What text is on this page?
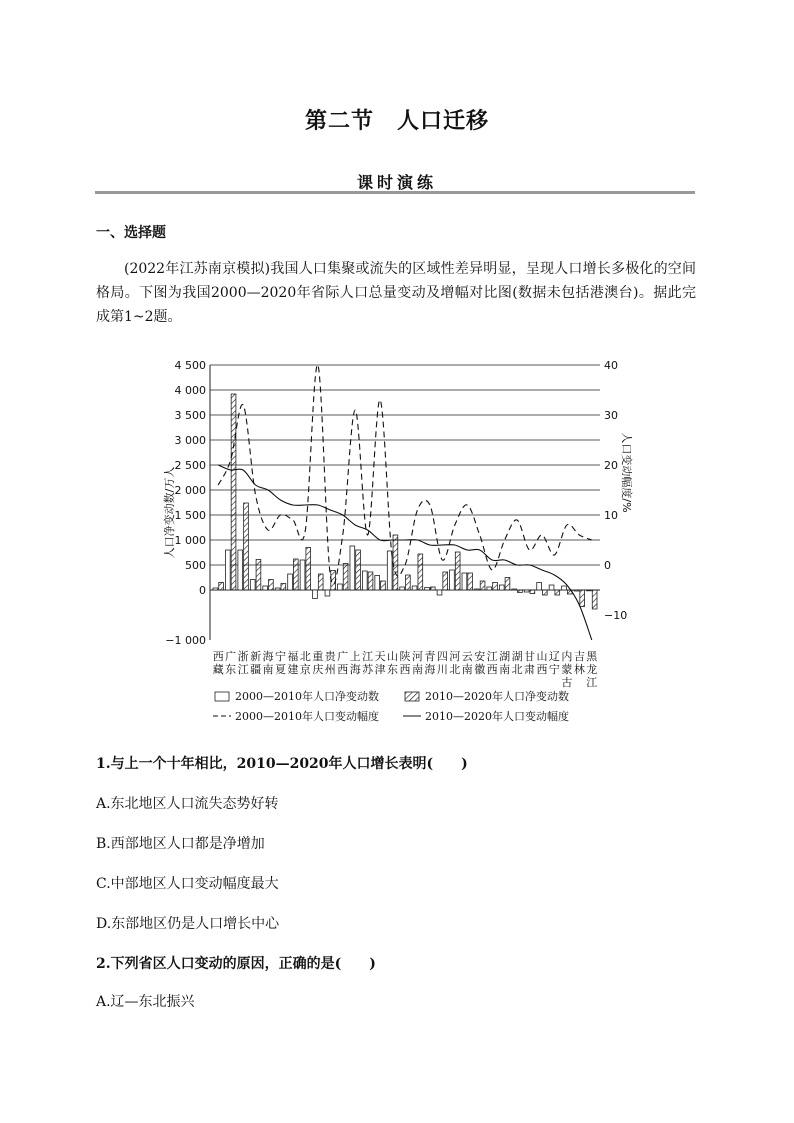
第二节　人口迁移
课时演练

一、选择题

(2022年江苏南京模拟)我国人口集聚或流失的区域性差异明显，呈现人口增长多极化的空间格局。下图为我国2000—2020年省际人口总量变动及增幅对比图(数据未包括港澳台)。据此完成第1~2题。

4 500
4 000
3 500
3 000
2 500
2 000
1 500
1 000
500
0
−1 000
40
30
20
10
0
−10
人口净变动数/万人	人口变动幅度/%
西藏
广东
浙江
新疆
海南
宁夏
福建
北京
重庆
贵州
广西
上海
江苏
天津
山东
陕西
河南
青海
四川
河北
云南
安徽
江西
湖南
湖北
甘肃
山西
辽宁
内蒙古
吉林
黑龙江
2000—2010年人口净变动数	2010—2020年人口净变动数
2000—2010年人口变动幅度	2010—2020年人口变动幅度

1.与上一个十年相比，2010—2020年人口增长表明(　　)

A.东北地区人口流失态势好转

B.西部地区人口都是净增加

C.中部地区人口变动幅度最大

D.东部地区仍是人口增长中心

2.下列省区人口变动的原因，正确的是(　　)

A.辽—东北振兴
